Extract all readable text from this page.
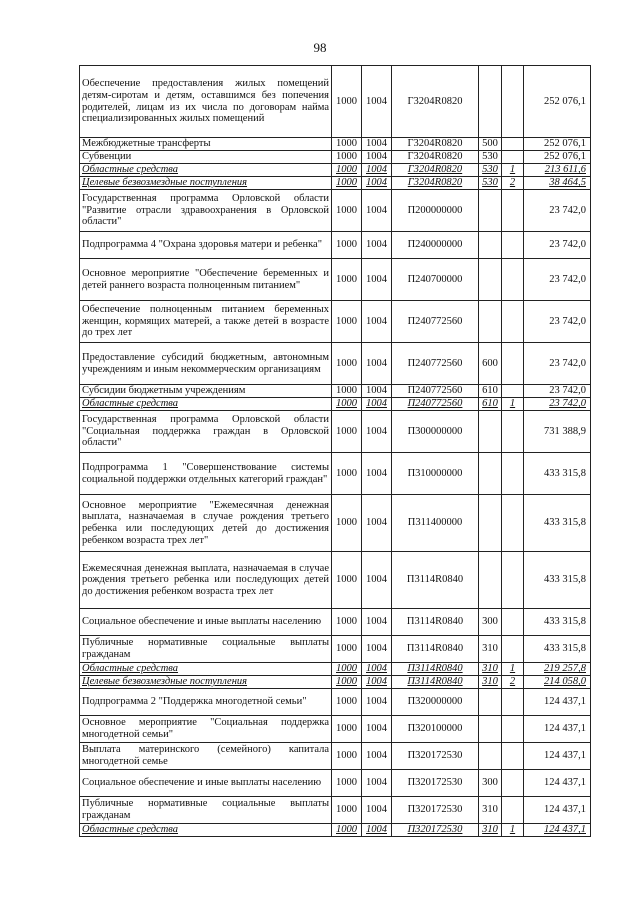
98
Обеспечение предоставления жилых помещений детям-сиротам и детям, оставшимся без попечения родителей, лицам из их числа по договорам найма специализированных жилых помещений	1000	1004	Г3204R0820			252 076,1
Межбюджетные трансферты	1000	1004	Г3204R0820	500		252 076,1
Субвенции	1000	1004	Г3204R0820	530		252 076,1
Областные средства	1000	1004	Г3204R0820	530	1	213 611,6
Целевые безвозмездные поступления	1000	1004	Г3204R0820	530	2	38 464,5
Государственная программа Орловской области "Развитие отрасли здравоохранения в Орловской области"	1000	1004	П200000000			23 742,0
Подпрограмма 4 "Охрана здоровья матери и ребенка"	1000	1004	П240000000			23 742,0
Основное мероприятие "Обеспечение беременных и детей раннего возраста полноценным питанием"	1000	1004	П240700000			23 742,0
Обеспечение полноценным питанием беременных женщин, кормящих матерей, а также детей в возрасте до трех лет	1000	1004	П240772560			23 742,0
Предоставление субсидий бюджетным, автономным учреждениям и иным некоммерческим организациям	1000	1004	П240772560	600		23 742,0
Субсидии бюджетным учреждениям	1000	1004	П240772560	610		23 742,0
Областные средства	1000	1004	П240772560	610	1	23 742,0
Государственная программа Орловской области "Социальная поддержка граждан в Орловской области"	1000	1004	П300000000			731 388,9
Подпрограмма 1 "Совершенствование системы социальной поддержки отдельных категорий граждан"	1000	1004	П310000000			433 315,8
Основное мероприятие "Ежемесячная денежная выплата, назначаемая в случае рождения третьего ребенка или последующих детей до достижения ребенком возраста трех лет"	1000	1004	П311400000			433 315,8
Ежемесячная денежная выплата, назначаемая в случае рождения третьего ребенка или последующих детей до достижения ребенком возраста трех лет	1000	1004	П3114R0840			433 315,8
Социальное обеспечение и иные выплаты населению	1000	1004	П3114R0840	300		433 315,8
Публичные нормативные социальные выплаты гражданам	1000	1004	П3114R0840	310		433 315,8
Областные средства	1000	1004	П3114R0840	310	1	219 257,8
Целевые безвозмездные поступления	1000	1004	П3114R0840	310	2	214 058,0
Подпрограмма 2 "Поддержка многодетной семьи"	1000	1004	П320000000			124 437,1
Основное мероприятие "Социальная поддержка многодетной семьи"	1000	1004	П320100000			124 437,1
Выплата материнского (семейного) капитала многодетной семье	1000	1004	П320172530			124 437,1
Социальное обеспечение и иные выплаты населению	1000	1004	П320172530	300		124 437,1
Публичные нормативные социальные выплаты гражданам	1000	1004	П320172530	310		124 437,1
Областные средства	1000	1004	П320172530	310	1	124 437,1
